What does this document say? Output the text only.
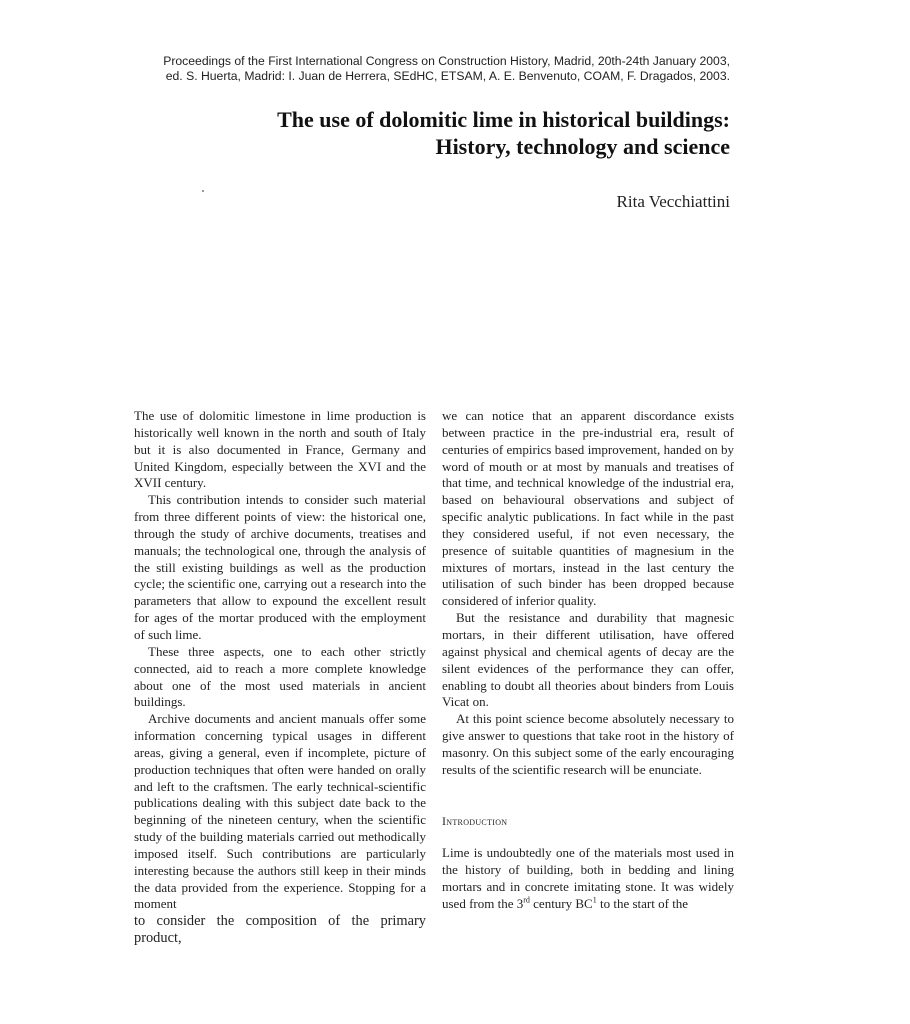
Proceedings of the First International Congress on Construction History, Madrid, 20th-24th January 2003,
ed. S. Huerta, Madrid: I. Juan de Herrera, SEdHC, ETSAM, A. E. Benvenuto, COAM, F. Dragados, 2003.
The use of dolomitic lime in historical buildings:
History, technology and science
Rita Vecchiattini

The use of dolomitic limestone in lime production is historically well known in the north and south of Italy but it is also documented in France, Germany and United Kingdom, especially between the XVI and the XVII century.

This contribution intends to consider such material from three different points of view: the historical one, through the study of archive documents, treatises and manuals; the technological one, through the analysis of the still existing buildings as well as the production cycle; the scientific one, carrying out a research into the parameters that allow to expound the excellent result for ages of the mortar produced with the employment of such lime.

These three aspects, one to each other strictly connected, aid to reach a more complete knowledge about one of the most used materials in ancient buildings.

Archive documents and ancient manuals offer some information concerning typical usages in different areas, giving a general, even if incomplete, picture of production techniques that often were handed on orally and left to the craftsmen. The early technical-scientific publications dealing with this subject date back to the beginning of the nineteen century, when the scientific study of the building materials carried out methodically imposed itself. Such contributions are particularly interesting because the authors still keep in their minds the data provided from the experience. Stopping for a moment

to consider the composition of the primary product,

we can notice that an apparent discordance exists between practice in the pre-industrial era, result of centuries of empirics based improvement, handed on by word of mouth or at most by manuals and treatises of that time, and technical knowledge of the industrial era, based on behavioural observations and subject of specific analytic publications. In fact while in the past they considered useful, if not even necessary, the presence of suitable quantities of magnesium in the mixtures of mortars, instead in the last century the utilisation of such binder has been dropped because considered of inferior quality.

But the resistance and durability that magnesic mortars, in their different utilisation, have offered against physical and chemical agents of decay are the silent evidences of the performance they can offer, enabling to doubt all theories about binders from Louis Vicat on.

At this point science become absolutely necessary to give answer to questions that take root in the history of masonry. On this subject some of the early encouraging results of the scientific research will be enunciate.

Introduction

Lime is undoubtedly one of the materials most used in the history of building, both in bedding and lining mortars and in concrete imitating stone. It was widely used from the 3rd century $BC^1$ to the start of the
